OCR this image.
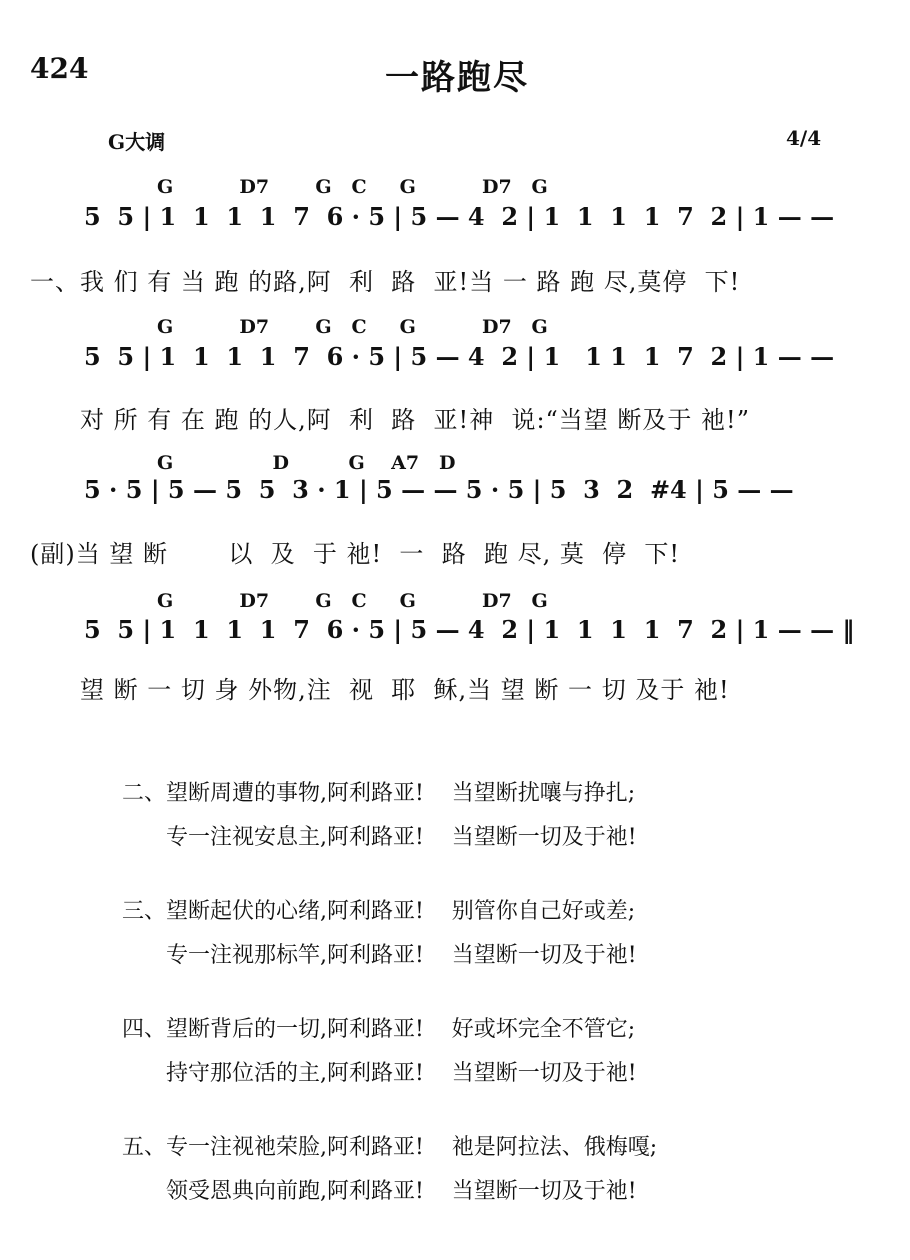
424	一路跑尽
G大调	4/4
G          D7       G   C     G          D7   G
5  5 | 1  1  1  1  7  6 · 5 | 5 — 4  2 | 1  1  1  1  7  2 | 1 — —
一、我 们 有 当 跑 的路,阿  利  路  亚!当 一 路 跑 尽,莫停  下!
G          D7       G   C     G          D7   G
5  5 | 1  1  1  1  7  6 · 5 | 5 — 4  2 | 1   1 1  1  7  2 | 1 — —
对 所 有 在 跑 的人,阿  利  路  亚!神  说:“当望 断及于 祂!”
G               D         G    A7   D
5 · 5 | 5 — 5  5  3 · 1 | 5 — — 5 · 5 | 5  3  2  #4 | 5 — —
(副)当 望 断       以  及  于 祂!  一  路  跑 尽, 莫  停  下!
G          D7       G   C     G          D7   G
5  5 | 1  1  1  1  7  6 · 5 | 5 — 4  2 | 1  1  1  1  7  2 | 1 — — ‖
望 断 一 切 身 外物,注  视  耶  稣,当 望 断 一 切 及于 祂!
二、望断周遭的事物,阿利路亚!    当望断扰嚷与挣扎;
专一注视安息主,阿利路亚!    当望断一切及于祂!
三、望断起伏的心绪,阿利路亚!    别管你自己好或差;
专一注视那标竿,阿利路亚!    当望断一切及于祂!
四、望断背后的一切,阿利路亚!    好或坏完全不管它;
持守那位活的主,阿利路亚!    当望断一切及于祂!
五、专一注视祂荣脸,阿利路亚!    祂是阿拉法、俄梅嘎;
领受恩典向前跑,阿利路亚!    当望断一切及于祂!
